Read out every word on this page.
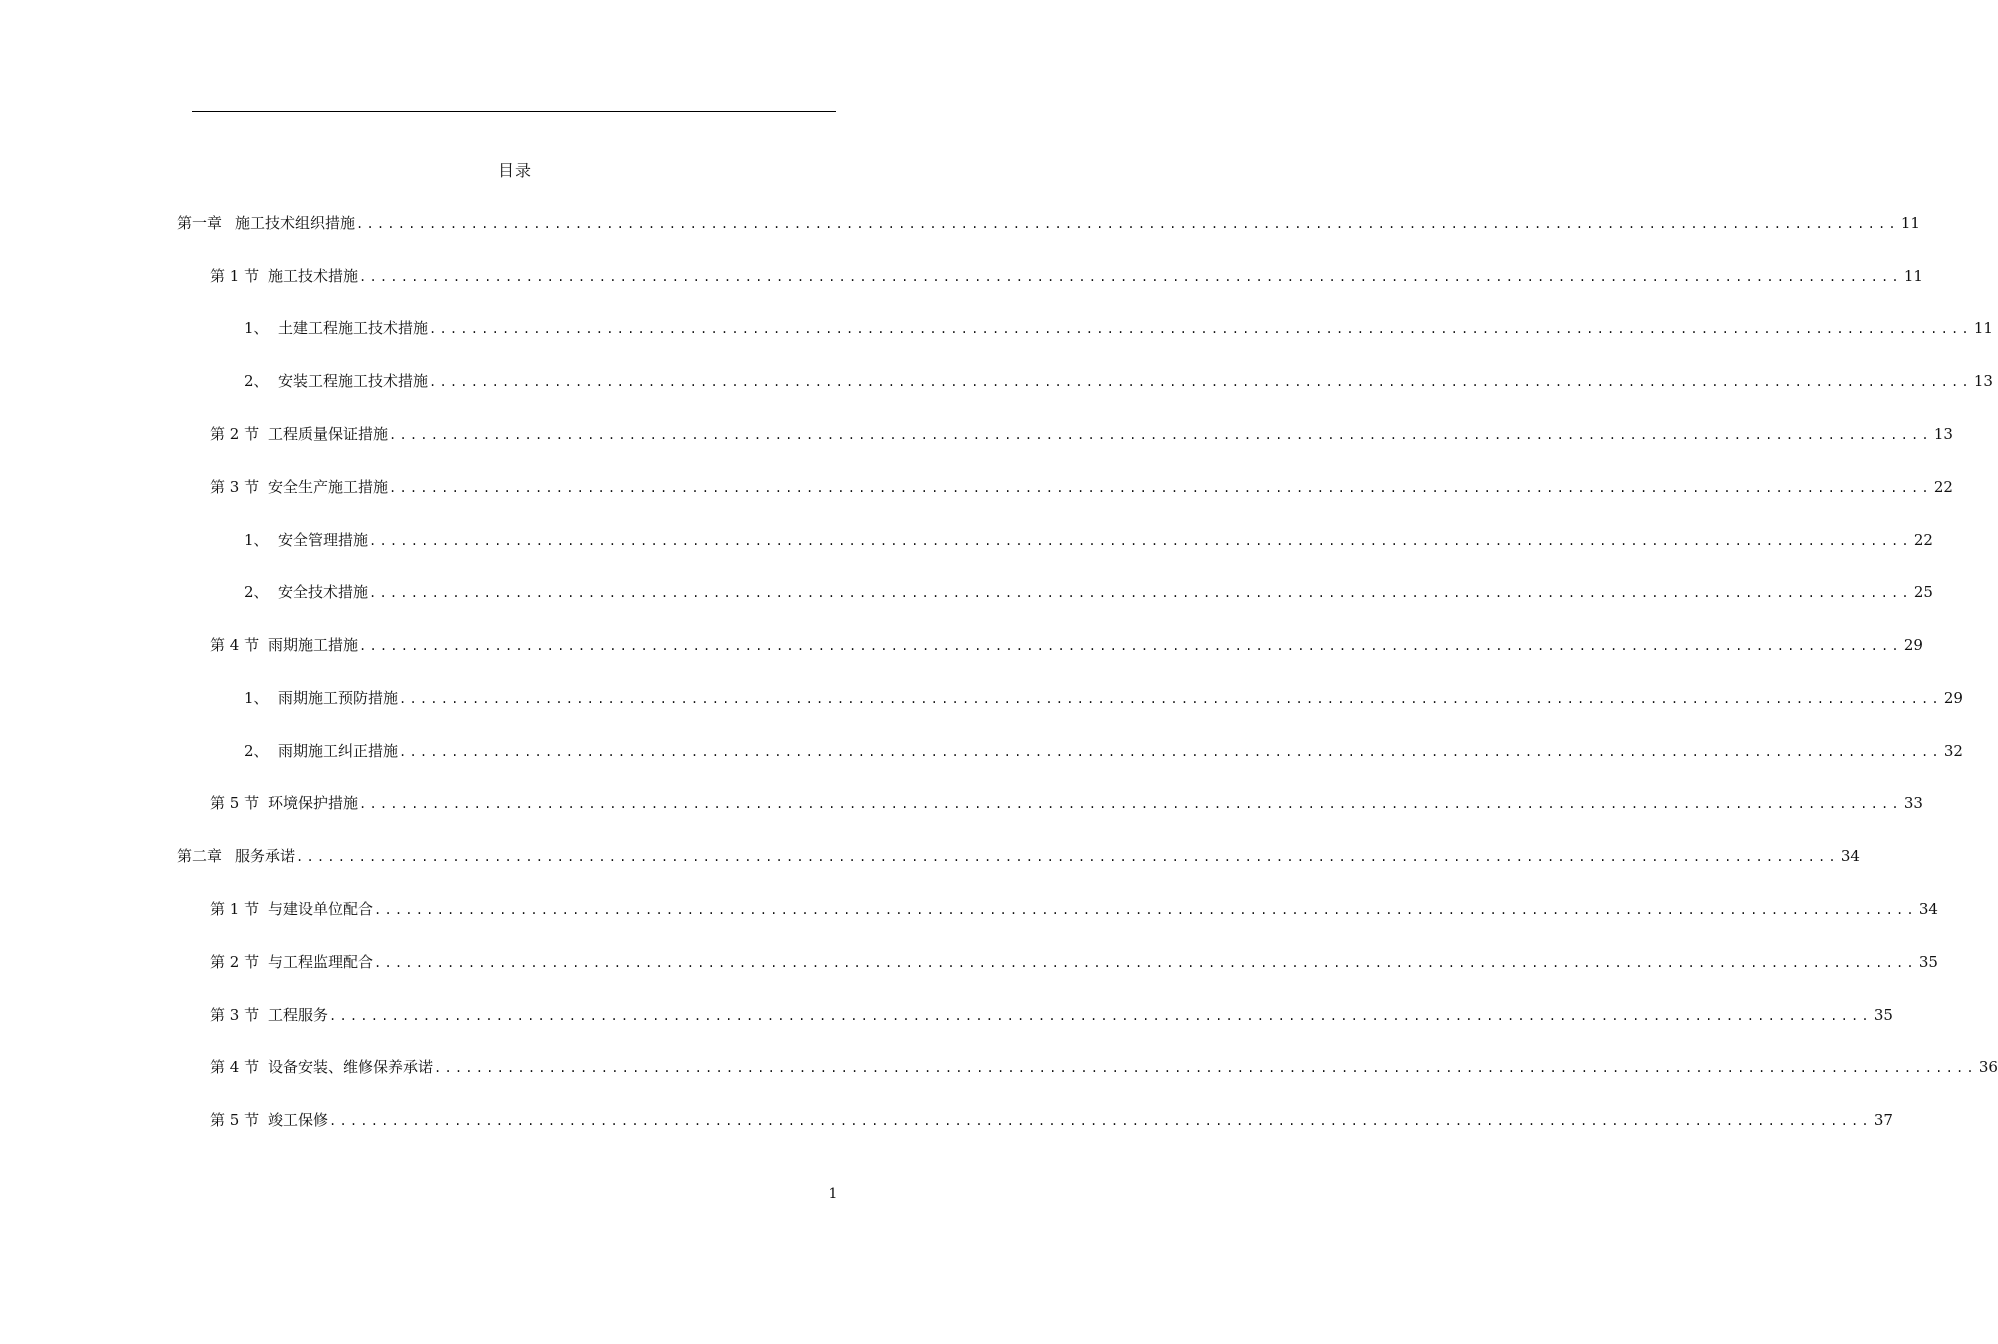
目录
第一章 施工技术组织措施 .................................................................................................................................................... 11
第 1 节 施工技术措施 .................................................................................................................................................... 11
1、 土建工程施工技术措施 .................................................................................................................................................... 11
2、 安装工程施工技术措施 .................................................................................................................................................... 13
第 2 节 工程质量保证措施 .................................................................................................................................................... 13
第 3 节 安全生产施工措施 .................................................................................................................................................... 22
1、 安全管理措施 .................................................................................................................................................... 22
2、 安全技术措施 .................................................................................................................................................... 25
第 4 节 雨期施工措施 .................................................................................................................................................... 29
1、 雨期施工预防措施 .................................................................................................................................................... 29
2、 雨期施工纠正措施 .................................................................................................................................................... 32
第 5 节 环境保护措施 .................................................................................................................................................... 33
第二章 服务承诺 .................................................................................................................................................... 34
第 1 节 与建设单位配合 .................................................................................................................................................... 34
第 2 节 与工程监理配合 .................................................................................................................................................... 35
第 3 节 工程服务 .................................................................................................................................................... 35
第 4 节 设备安装、维修保养承诺 .................................................................................................................................................... 36
第 5 节 竣工保修 .................................................................................................................................................... 37
1
